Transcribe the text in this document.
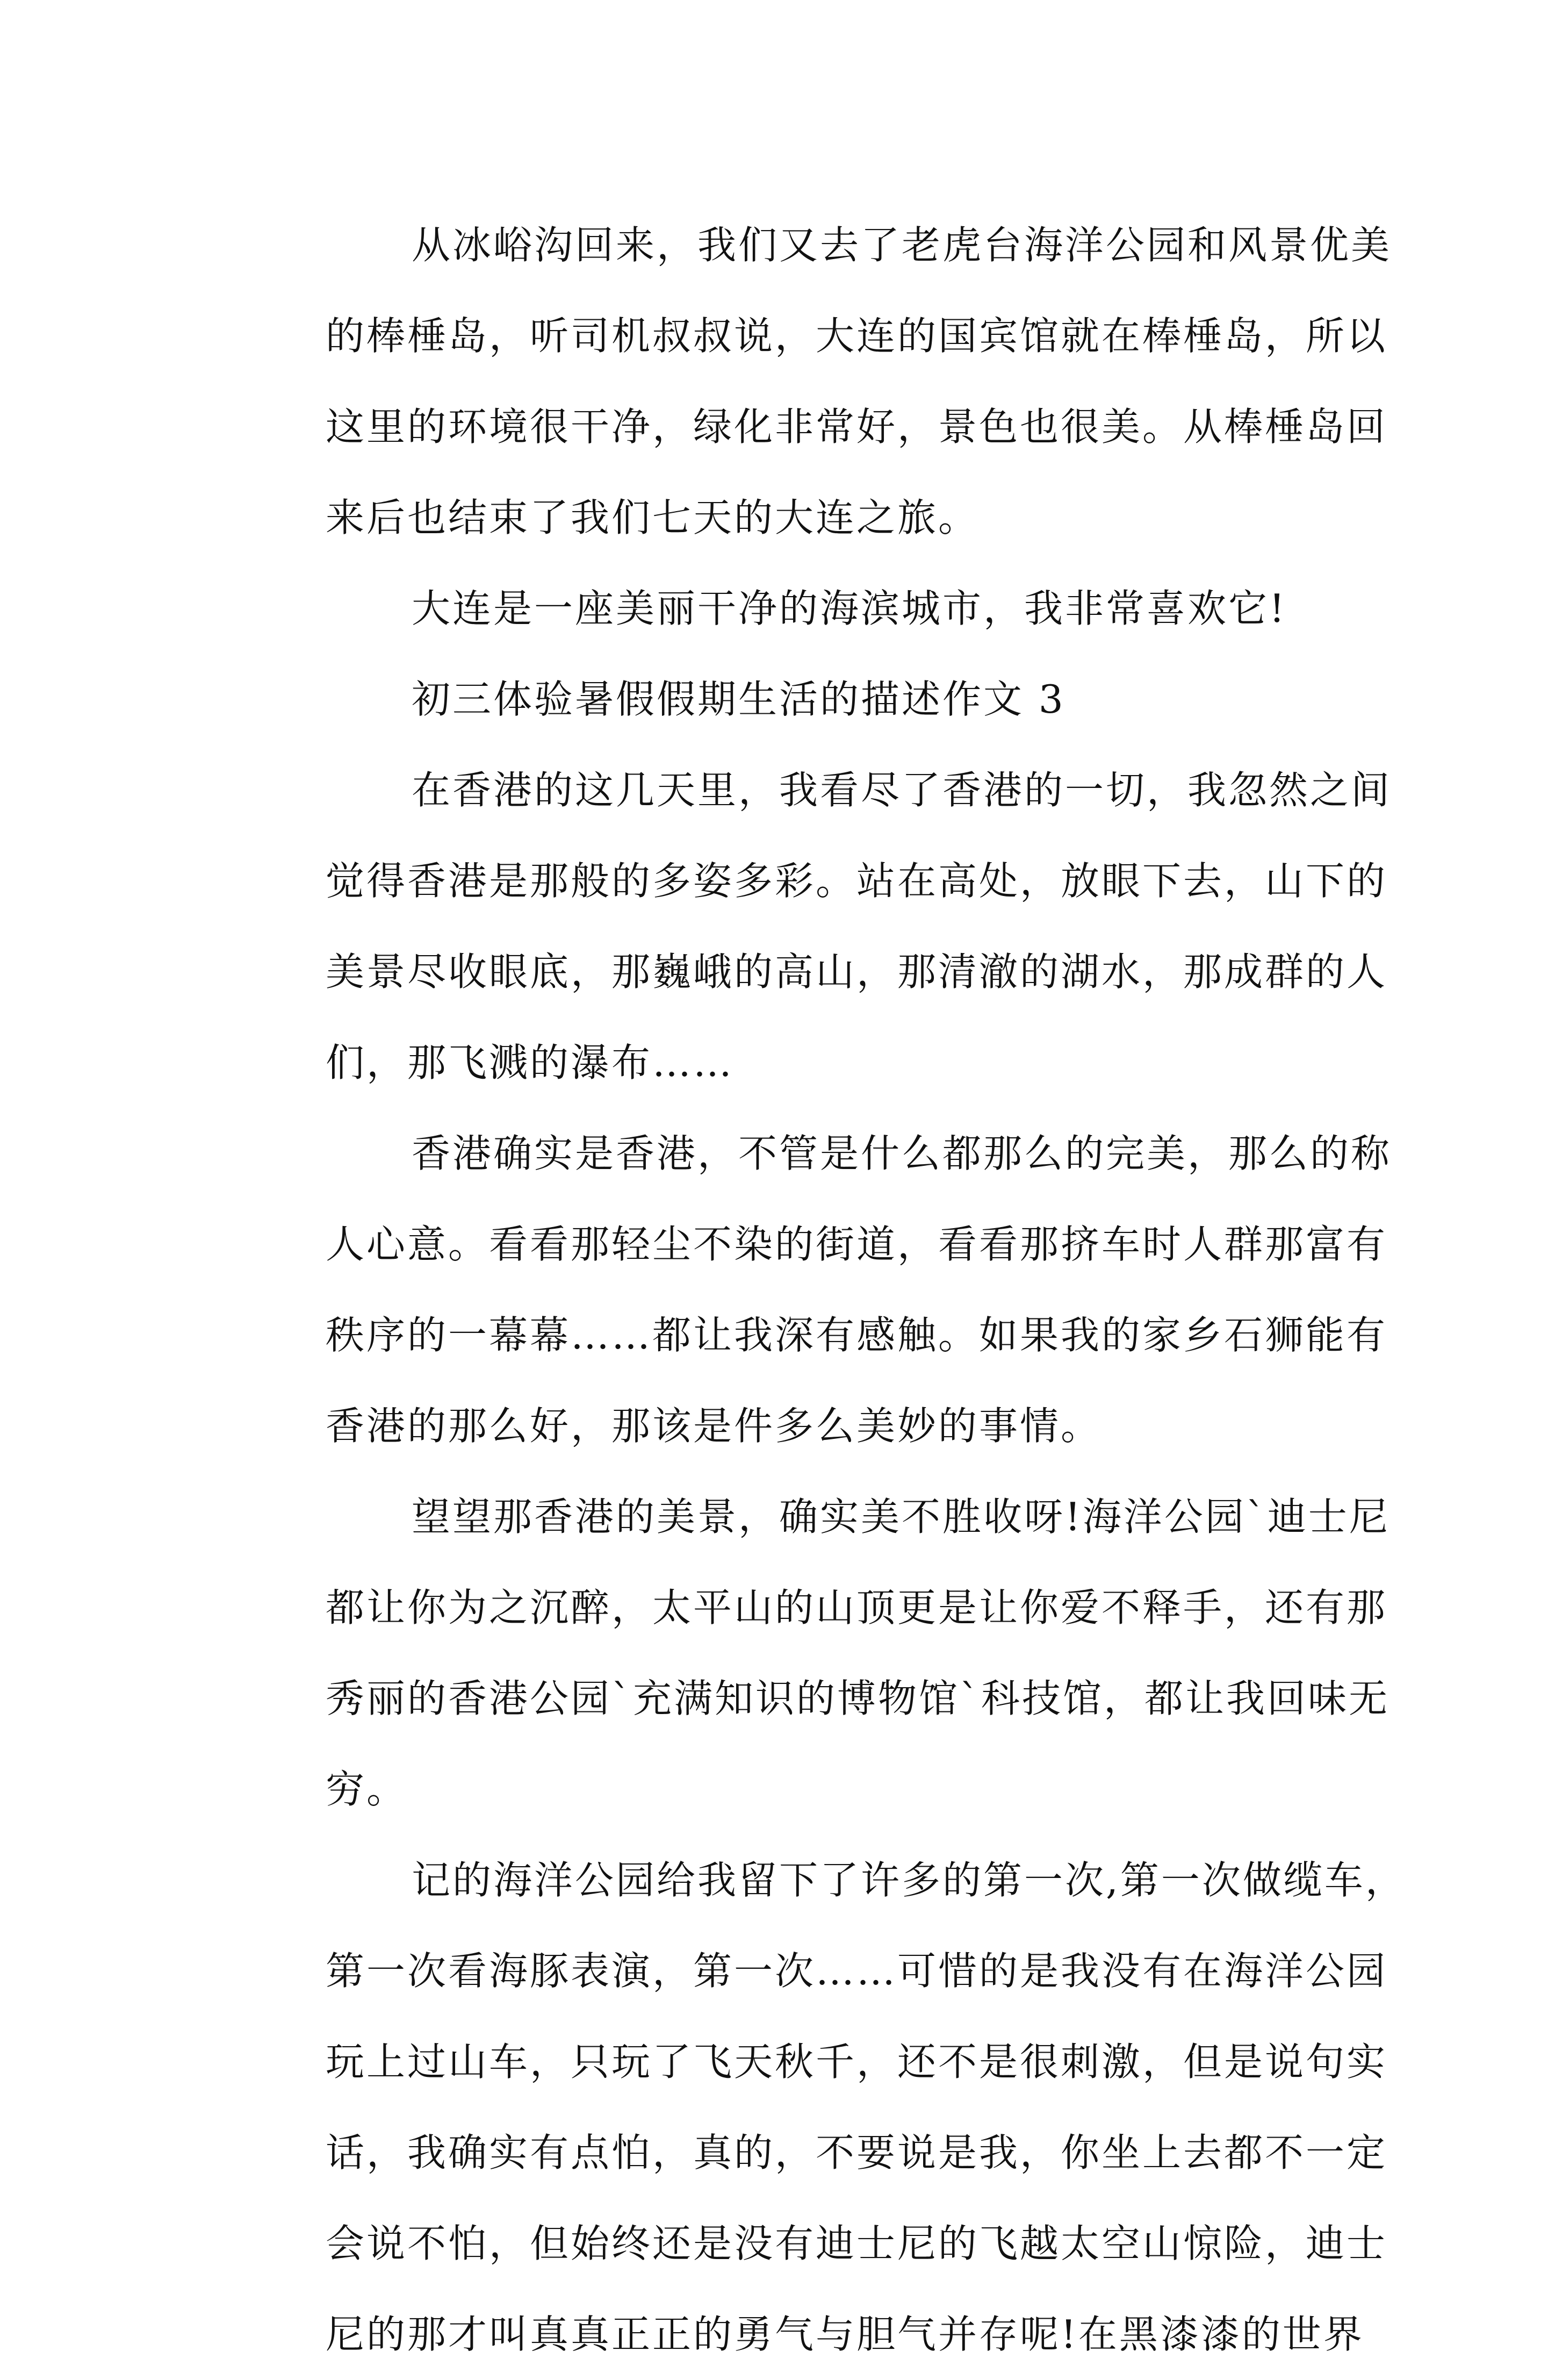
从冰峪沟回来，我们又去了老虎台海洋公园和风景优美
的棒棰岛，听司机叔叔说，大连的国宾馆就在棒棰岛，所以
这里的环境很干净，绿化非常好，景色也很美。从棒棰岛回
来后也结束了我们七天的大连之旅。
大连是一座美丽干净的海滨城市，我非常喜欢它!
初三体验暑假假期生活的描述作文 3
在香港的这几天里，我看尽了香港的一切，我忽然之间
觉得香港是那般的多姿多彩。站在高处，放眼下去，山下的
美景尽收眼底，那巍峨的高山，那清澈的湖水，那成群的人
们，那飞溅的瀑布……
香港确实是香港，不管是什么都那么的完美，那么的称
人心意。看看那轻尘不染的街道，看看那挤车时人群那富有
秩序的一幕幕……都让我深有感触。如果我的家乡石狮能有
香港的那么好，那该是件多么美妙的事情。
望望那香港的美景，确实美不胜收呀!海洋公园`迪士尼
都让你为之沉醉，太平山的山顶更是让你爱不释手，还有那
秀丽的香港公园`充满知识的博物馆`科技馆，都让我回味无
穷。
记的海洋公园给我留下了许多的第一次,第一次做缆车，
第一次看海豚表演，第一次……可惜的是我没有在海洋公园
玩上过山车，只玩了飞天秋千，还不是很刺激，但是说句实
话，我确实有点怕，真的，不要说是我，你坐上去都不一定
会说不怕，但始终还是没有迪士尼的飞越太空山惊险，迪士
尼的那才叫真真正正的勇气与胆气并存呢!在黑漆漆的世界
